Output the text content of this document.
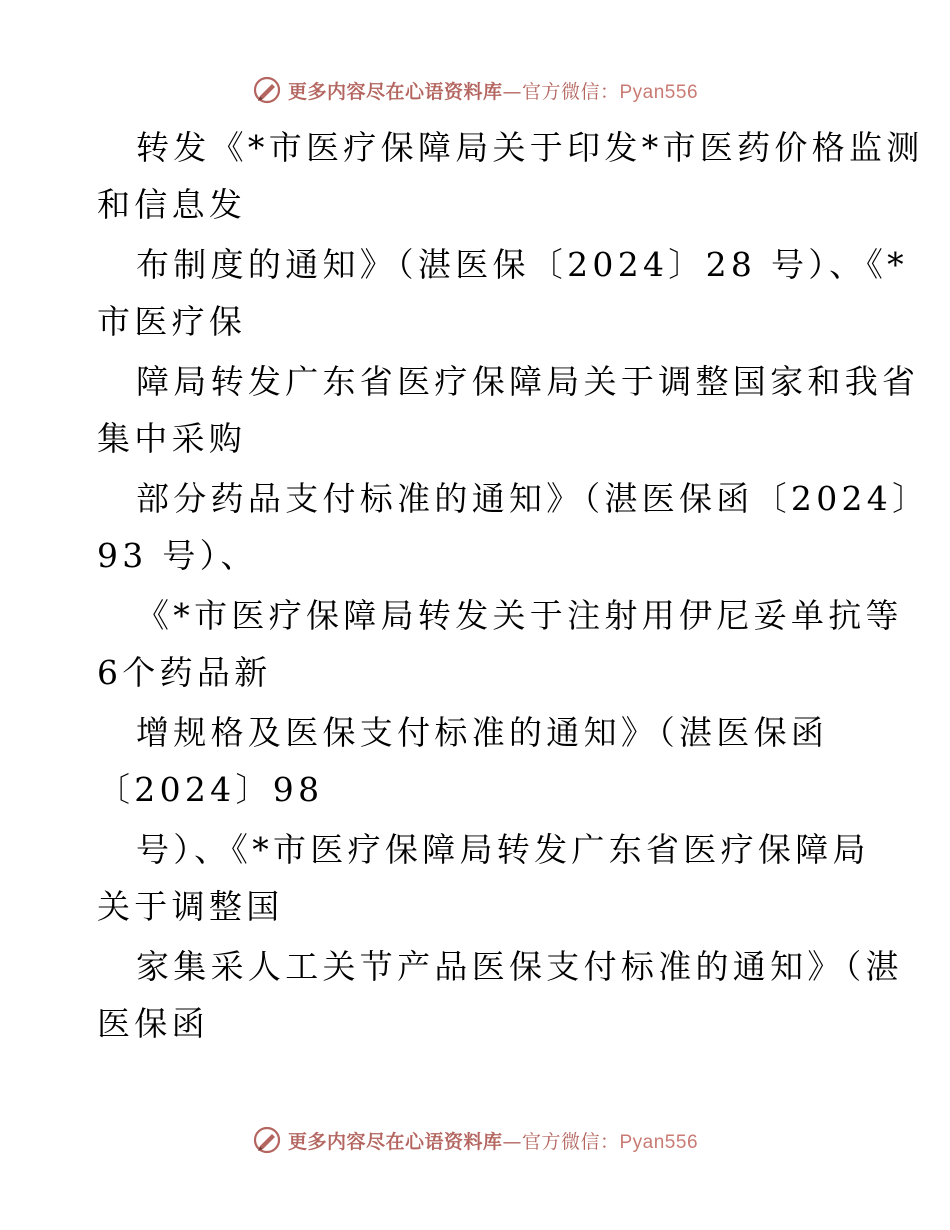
更多内容尽在心语资料库—官方微信：Pyan556
转发《*市医疗保障局关于印发*市医药价格监测
和信息发
布制度的通知》（湛医保〔2024〕28 号）、《*
市医疗保
障局转发广东省医疗保障局关于调整国家和我省
集中采购
部分药品支付标准的通知》（湛医保函〔2024〕
93 号）、
《*市医疗保障局转发关于注射用伊尼妥单抗等
6个药品新
增规格及医保支付标准的通知》（湛医保函
〔2024〕98
号）、《*市医疗保障局转发广东省医疗保障局
关于调整国
家集采人工关节产品医保支付标准的通知》（湛
医保函
更多内容尽在心语资料库—官方微信：Pyan556
